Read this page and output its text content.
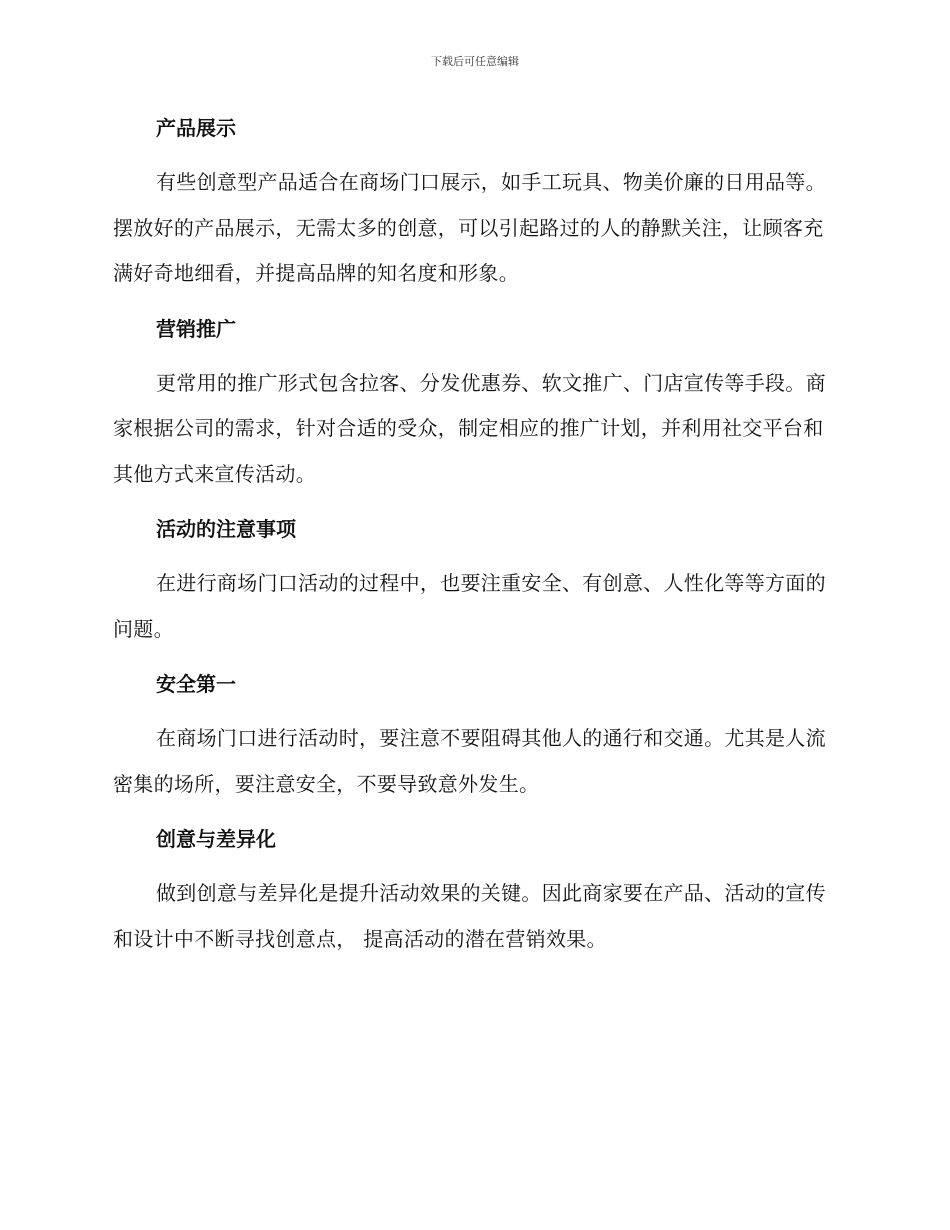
下载后可任意编辑
产品展示
有些创意型产品适合在商场门口展示，如手工玩具、物美价廉的日用品等。摆放好的产品展示，无需太多的创意，可以引起路过的人的静默关注，让顾客充满好奇地细看，并提高品牌的知名度和形象。
营销推广
更常用的推广形式包含拉客、分发优惠券、软文推广、门店宣传等手段。商家根据公司的需求，针对合适的受众，制定相应的推广计划，并利用社交平台和其他方式来宣传活动。
活动的注意事项
在进行商场门口活动的过程中，也要注重安全、有创意、人性化等等方面的问题。
安全第一
在商场门口进行活动时，要注意不要阻碍其他人的通行和交通。尤其是人流密集的场所，要注意安全，不要导致意外发生。
创意与差异化
做到创意与差异化是提升活动效果的关键。因此商家要在产品、活动的宣传和设计中不断寻找创意点， 提高活动的潜在营销效果。
